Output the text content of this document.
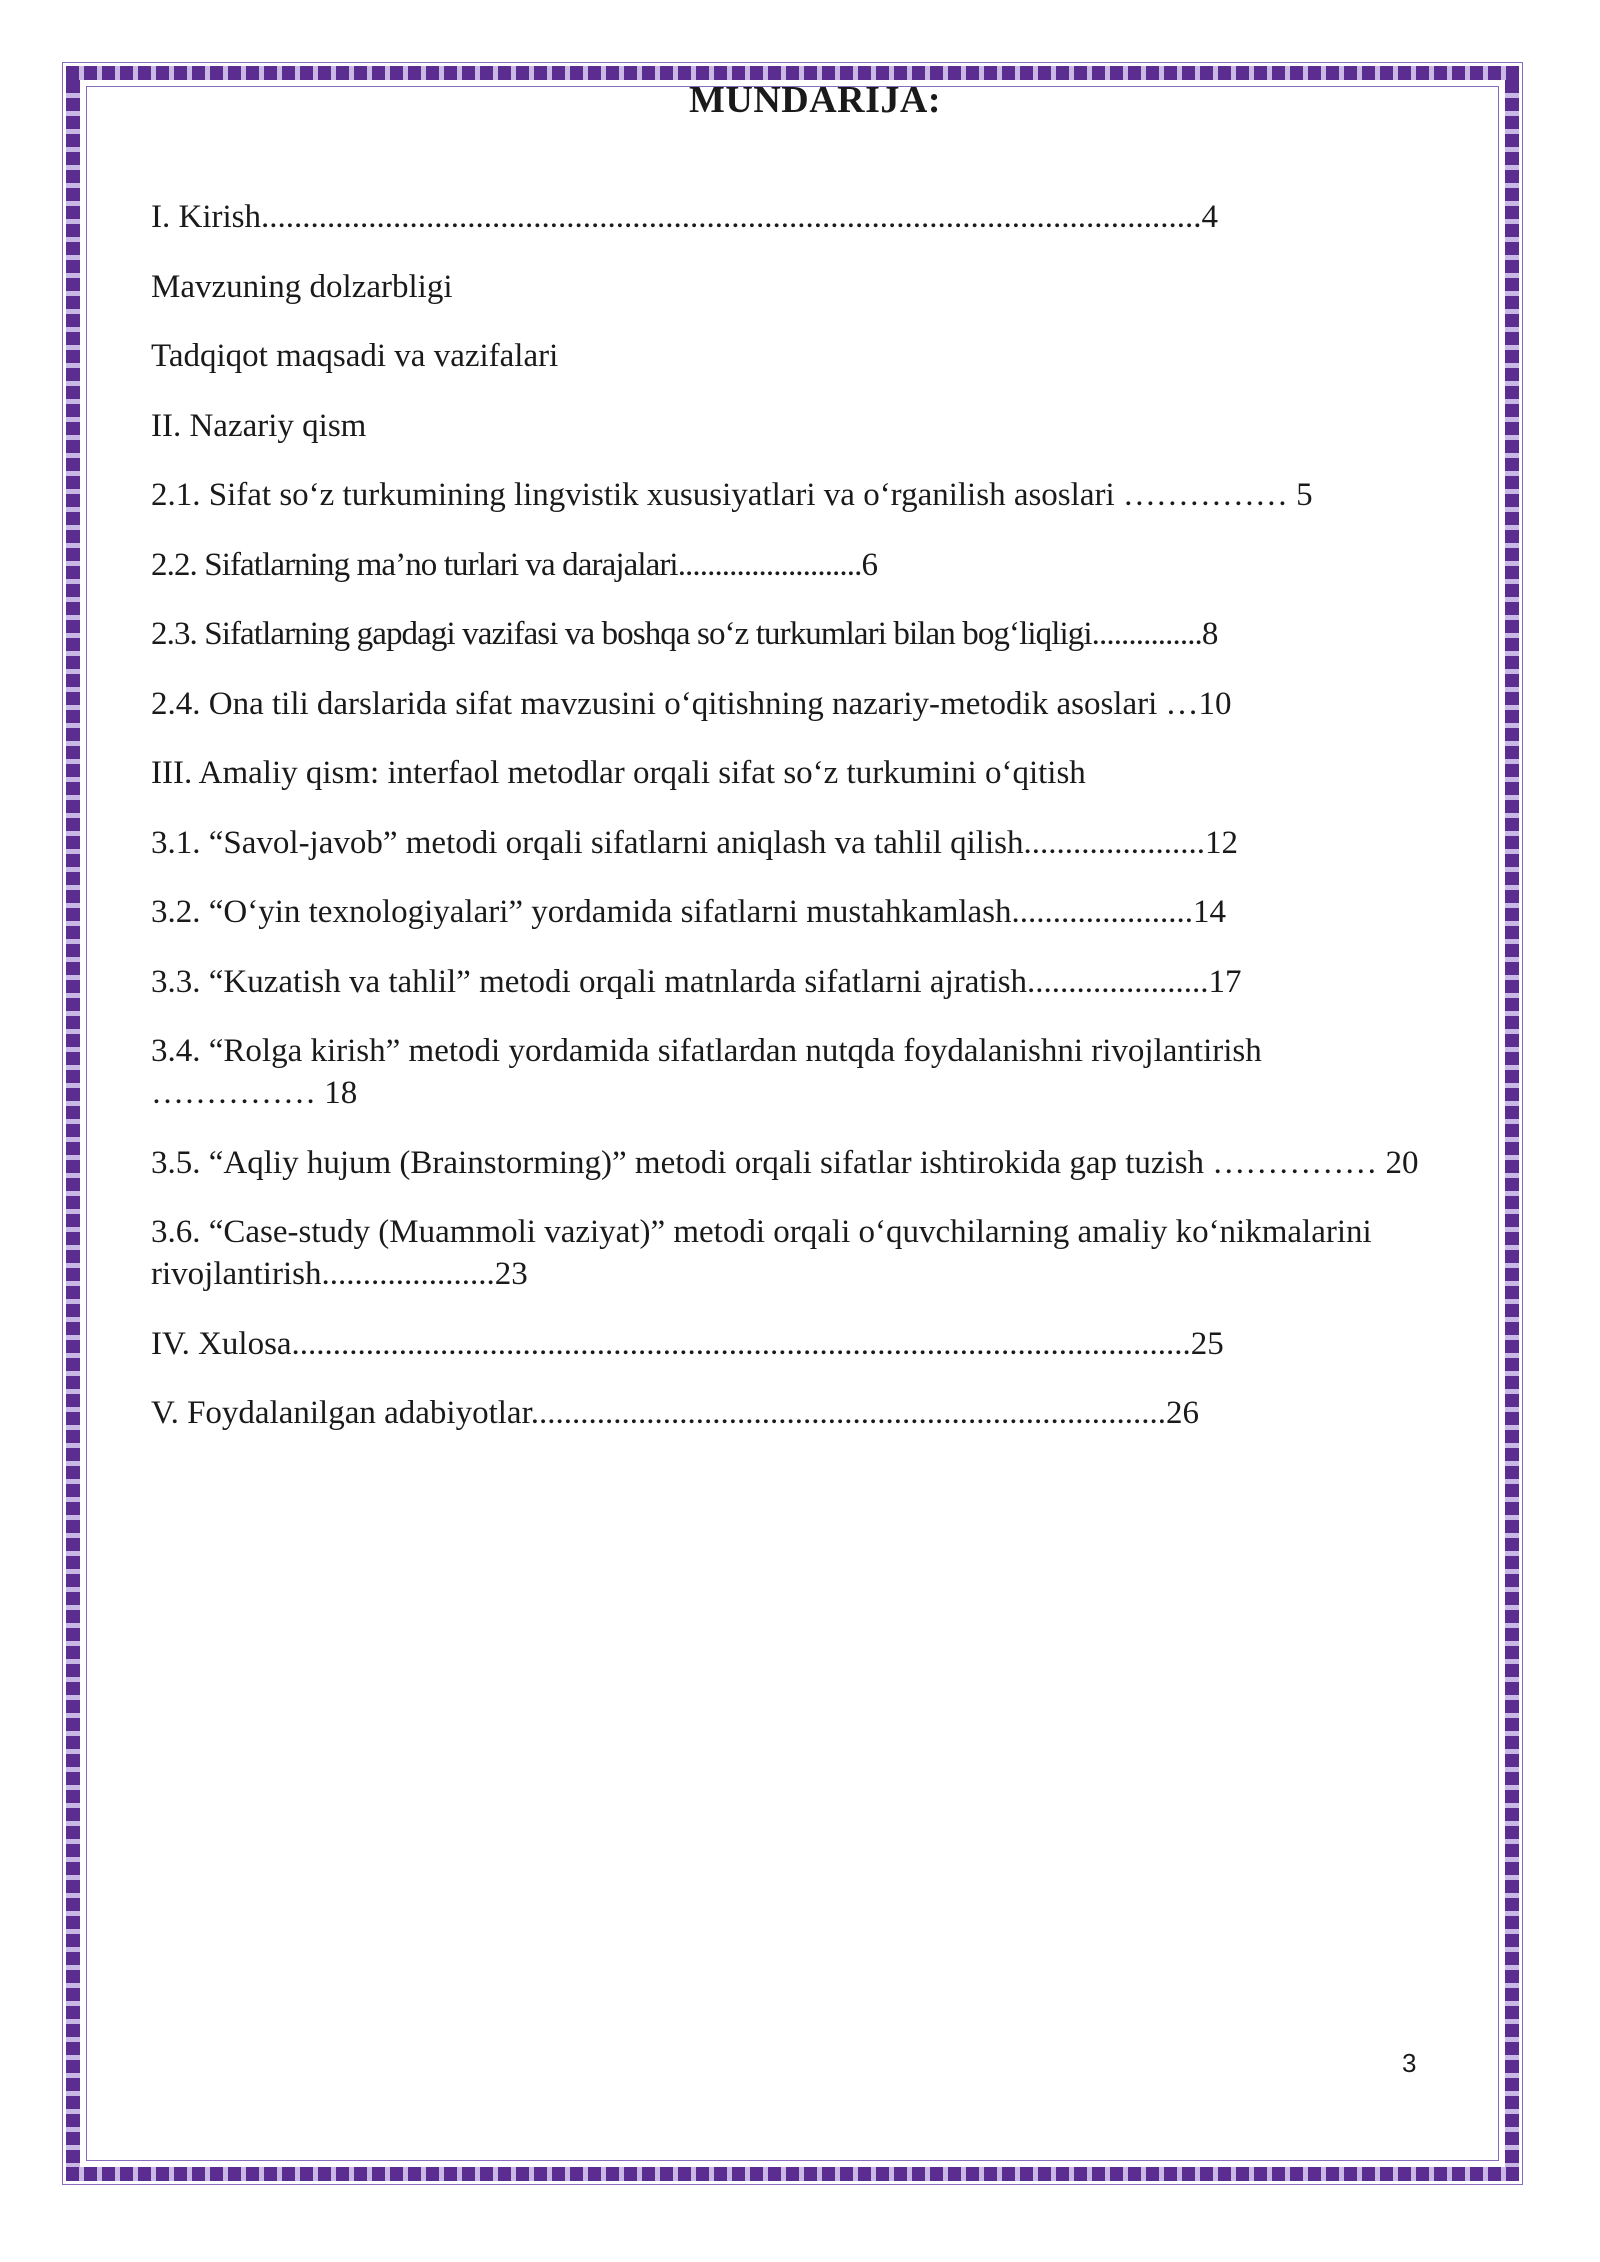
MUNDARIJA:
I. Kirish..................................................................................................................4
Mavzuning dolzarbligi
Tadqiqot maqsadi va vazifalari
II. Nazariy qism
2.1. Sifat so‘z turkumining lingvistik xususiyatlari va o‘rganilish asoslari …………… 5
2.2. Sifatlarning ma’no turlari va darajalari.........................6
2.3. Sifatlarning gapdagi vazifasi va boshqa so‘z turkumlari bilan bog‘liqligi...............8
2.4. Ona tili darslarida sifat mavzusini o‘qitishning nazariy-metodik asoslari …10
III. Amaliy qism: interfaol metodlar orqali sifat so‘z turkumini o‘qitish
3.1. “Savol-javob” metodi orqali sifatlarni aniqlash va tahlil qilish......................12
3.2. “O‘yin texnologiyalari” yordamida sifatlarni mustahkamlash......................14
3.3. “Kuzatish va tahlil” metodi orqali matnlarda sifatlarni ajratish......................17
3.4. “Rolga kirish” metodi yordamida sifatlardan nutqda foydalanishni rivojlantirish …………… 18
3.5. “Aqliy hujum (Brainstorming)” metodi orqali sifatlar ishtirokida gap tuzish …………… 20
3.6. “Case-study (Muammoli vaziyat)” metodi orqali o‘quvchilarning amaliy ko‘nikmalarini rivojlantirish.....................23
IV. Xulosa.............................................................................................................25
V. Foydalanilgan adabiyotlar.............................................................................26
3
